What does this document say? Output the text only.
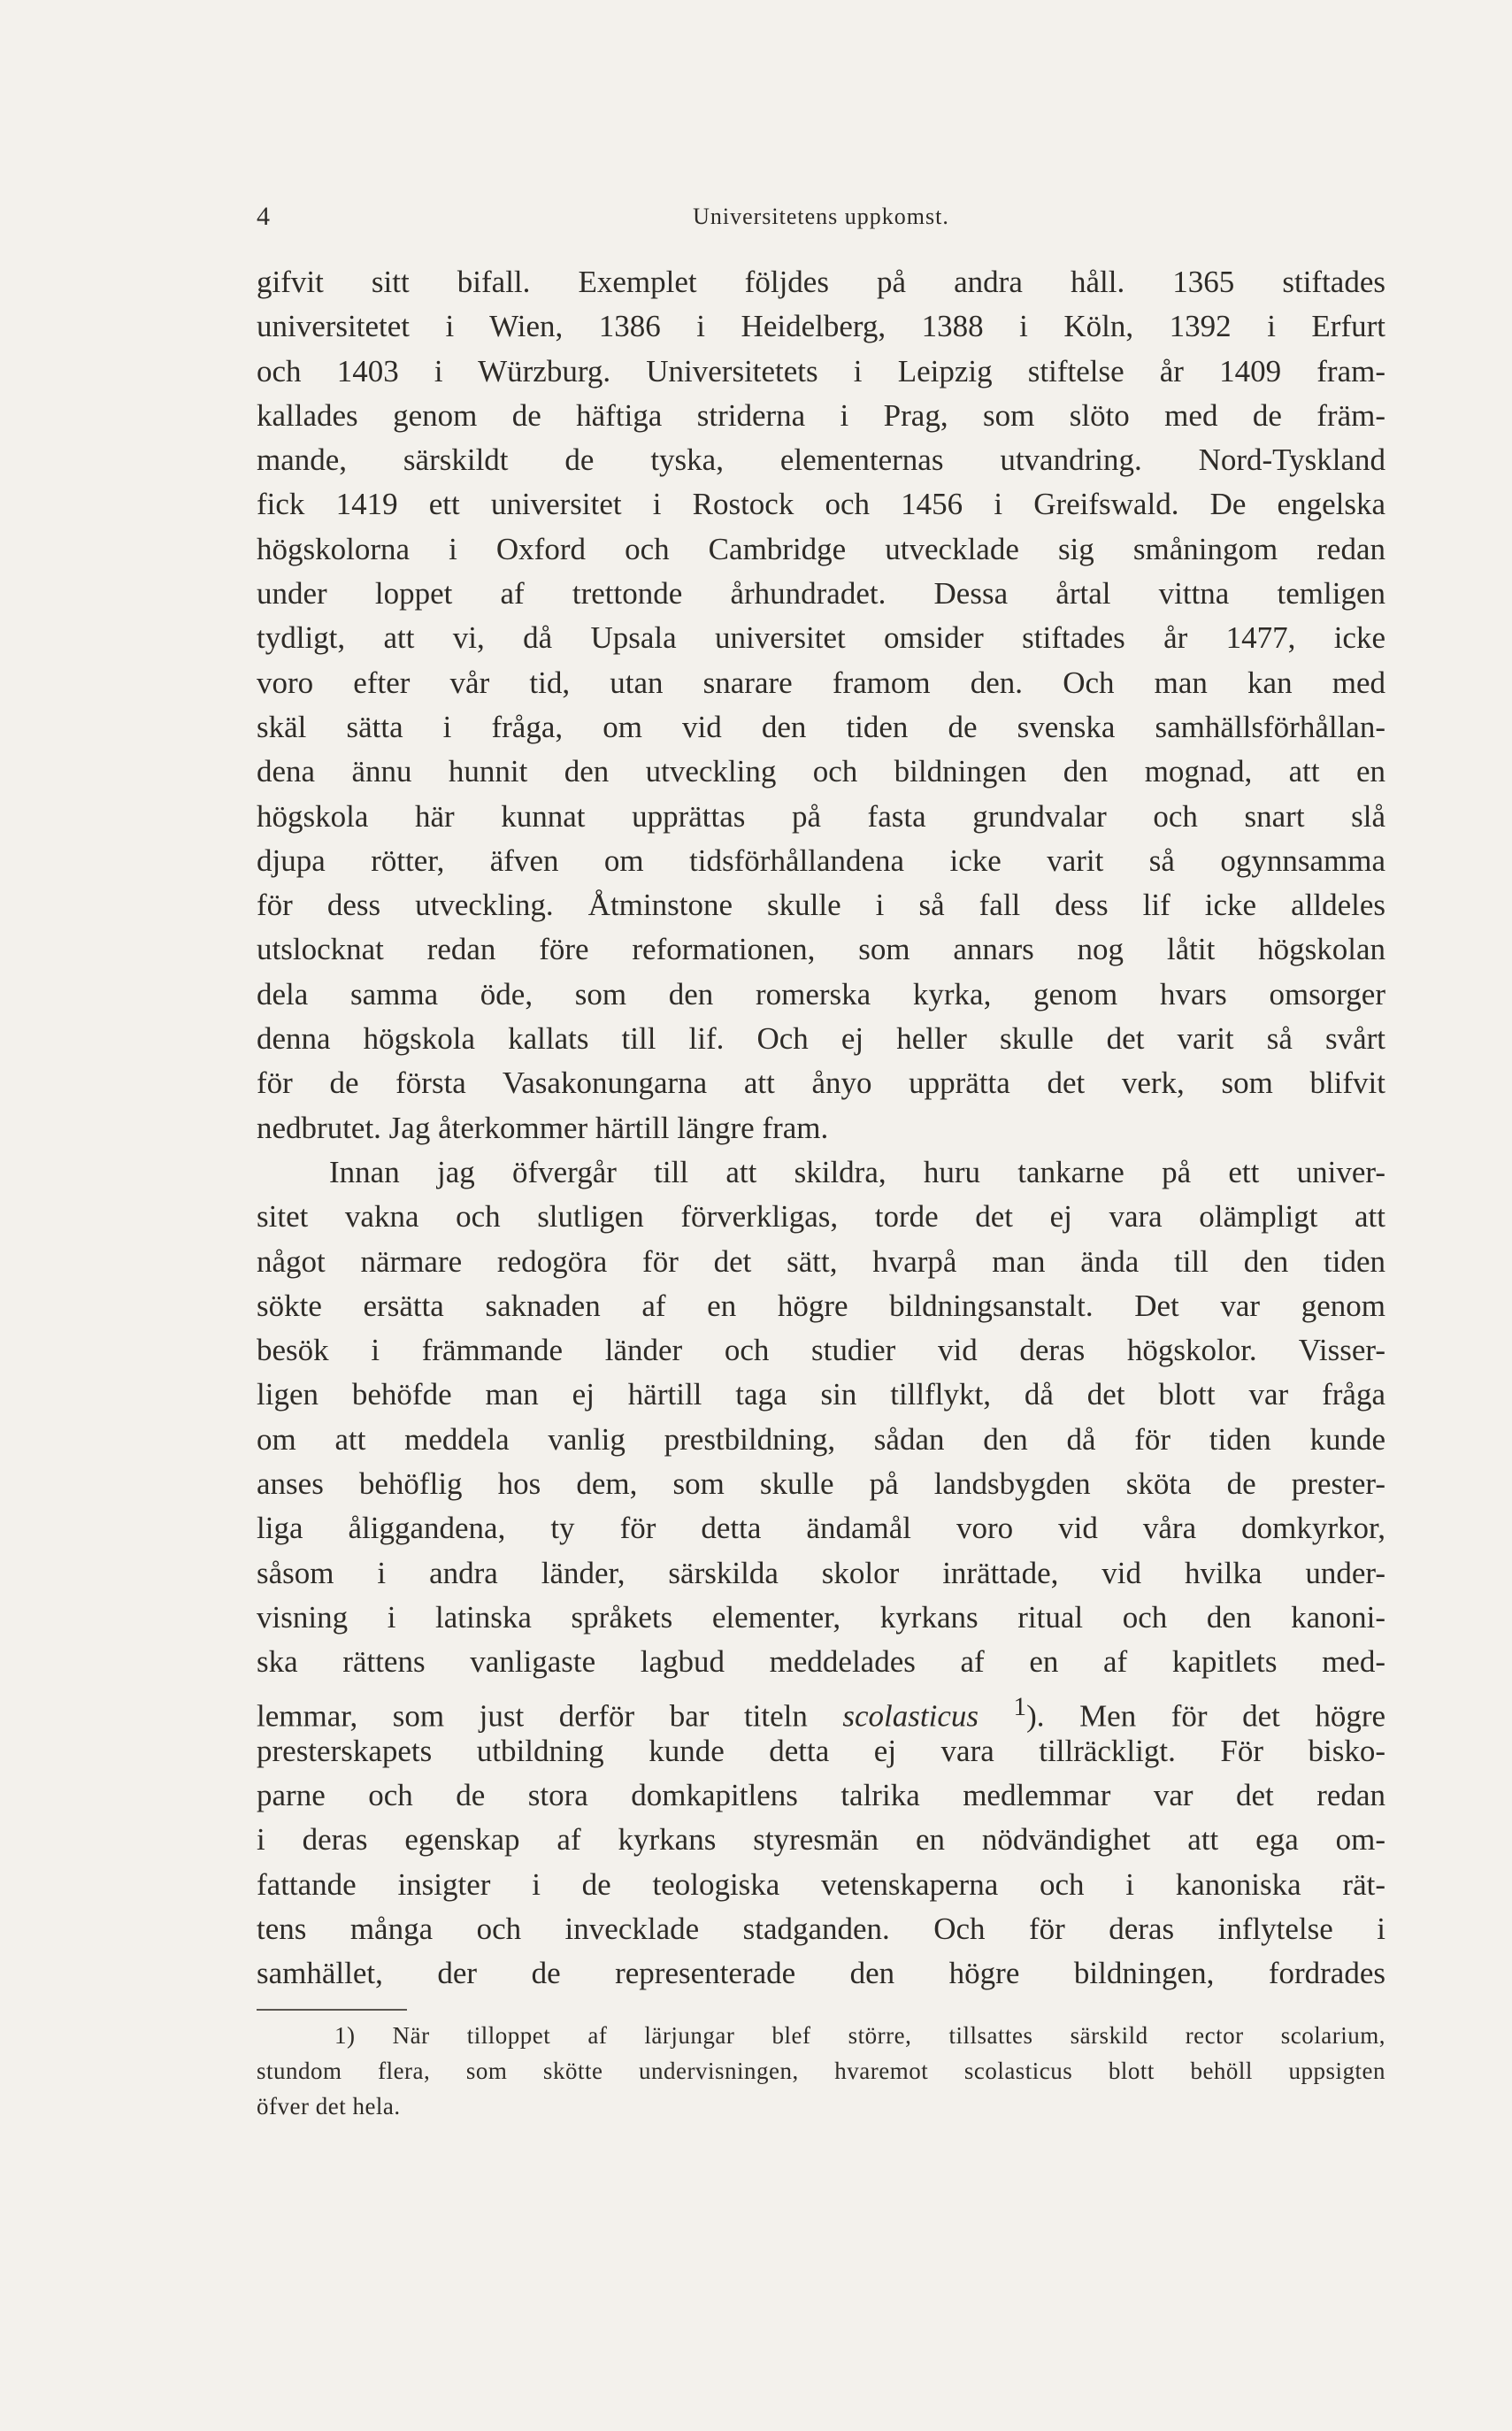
4	Universitetens uppkomst.
gifvit sitt bifall. Exemplet följdes på andra håll. 1365 stiftades
universitetet i Wien, 1386 i Heidelberg, 1388 i Köln, 1392 i Erfurt
och 1403 i Würzburg. Universitetets i Leipzig stiftelse år 1409 fram-
kallades genom de häftiga striderna i Prag, som slöto med de främ-
mande, särskildt de tyska, elementernas utvandring. Nord-Tyskland
fick 1419 ett universitet i Rostock och 1456 i Greifswald. De engelska
högskolorna i Oxford och Cambridge utvecklade sig småningom redan
under loppet af trettonde århundradet. Dessa årtal vittna temligen
tydligt, att vi, då Upsala universitet omsider stiftades år 1477, icke
voro efter vår tid, utan snarare framom den. Och man kan med
skäl sätta i fråga, om vid den tiden de svenska samhällsförhållan-
dena ännu hunnit den utveckling och bildningen den mognad, att en
högskola här kunnat upprättas på fasta grundvalar och snart slå
djupa rötter, äfven om tidsförhållandena icke varit så ogynnsamma
för dess utveckling. Åtminstone skulle i så fall dess lif icke alldeles
utslocknat redan före reformationen, som annars nog låtit högskolan
dela samma öde, som den romerska kyrka, genom hvars omsorger
denna högskola kallats till lif. Och ej heller skulle det varit så svårt
för de första Vasakonungarna att ånyo upprätta det verk, som blifvit
nedbrutet. Jag återkommer härtill längre fram.
Innan jag öfvergår till att skildra, huru tankarne på ett univer-
sitet vakna och slutligen förverkligas, torde det ej vara olämpligt att
något närmare redogöra för det sätt, hvarpå man ända till den tiden
sökte ersätta saknaden af en högre bildningsanstalt. Det var genom
besök i främmande länder och studier vid deras högskolor. Visser-
ligen behöfde man ej härtill taga sin tillflykt, då det blott var fråga
om att meddela vanlig prestbildning, sådan den då för tiden kunde
anses behöflig hos dem, som skulle på landsbygden sköta de prester-
liga åliggandena, ty för detta ändamål voro vid våra domkyrkor,
såsom i andra länder, särskilda skolor inrättade, vid hvilka under-
visning i latinska språkets elementer, kyrkans ritual och den kanoni-
ska rättens vanligaste lagbud meddelades af en af kapitlets med-
lemmar, som just derför bar titeln scolasticus $^1$). Men för det högre
presterskapets utbildning kunde detta ej vara tillräckligt. För bisko-
parne och de stora domkapitlens talrika medlemmar var det redan
i deras egenskap af kyrkans styresmän en nödvändighet att ega om-
fattande insigter i de teologiska vetenskaperna och i kanoniska rät-
tens många och invecklade stadganden. Och för deras inflytelse i
samhället, der de representerade den högre bildningen, fordrades
1) När tilloppet af lärjungar blef större, tillsattes särskild rector scolarium,
stundom flera, som skötte undervisningen, hvaremot scolasticus blott behöll uppsigten
öfver det hela.
